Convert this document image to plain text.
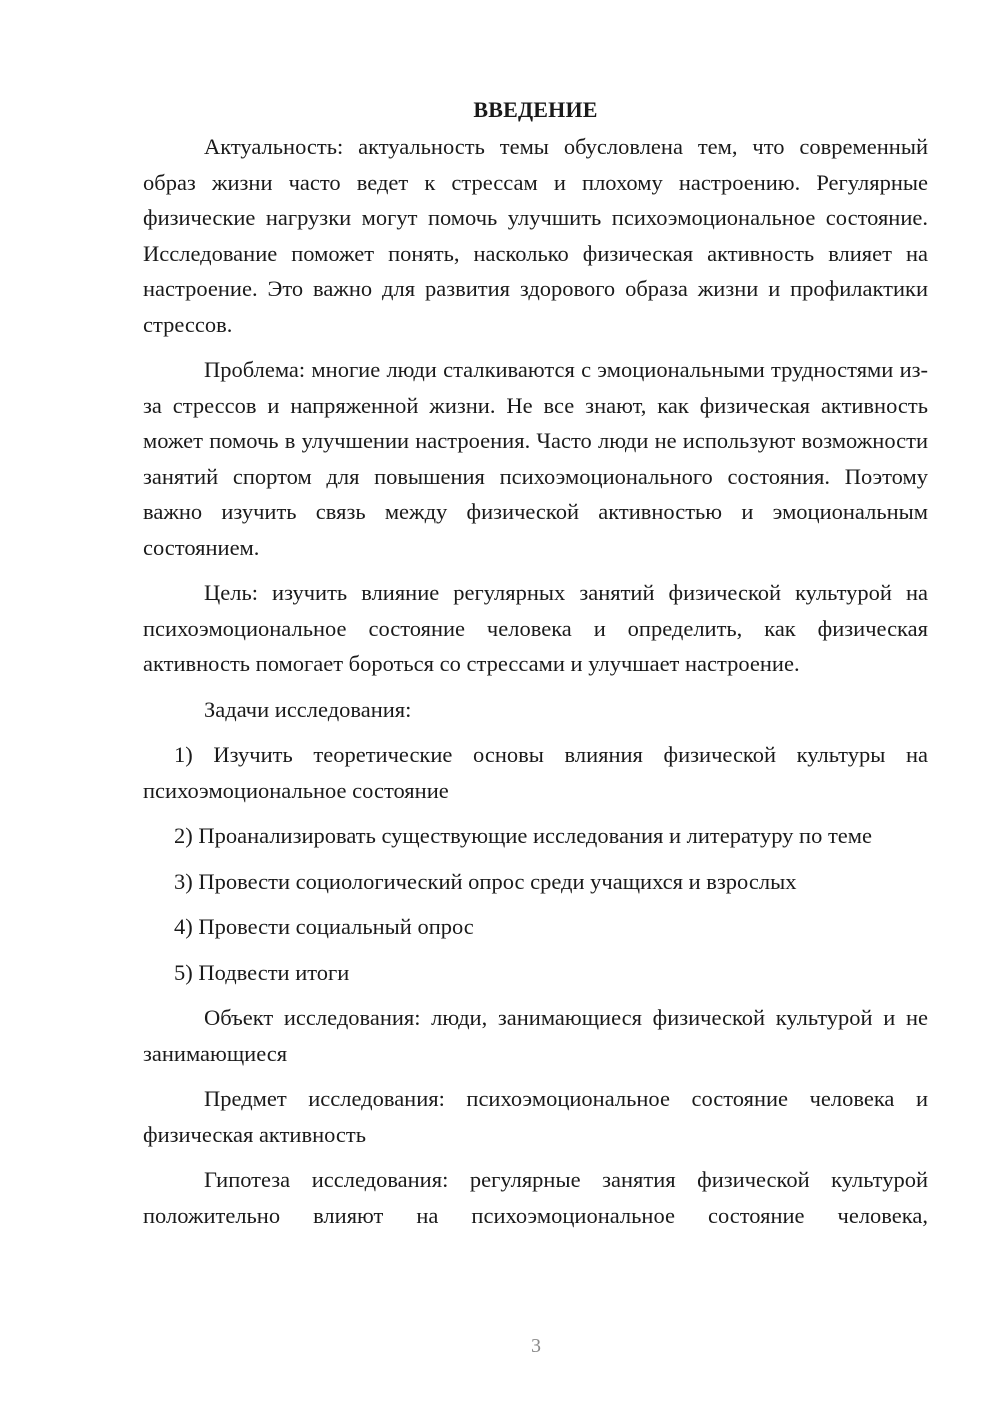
ВВЕДЕНИЕ

Актуальность: актуальность темы обусловлена тем, что современный образ жизни часто ведет к стрессам и плохому настроению. Регулярные физические нагрузки могут помочь улучшить психоэмоциональное состояние. Исследование поможет понять, насколько физическая активность влияет на настроение. Это важно для развития здорового образа жизни и профилактики стрессов.

Проблема: многие люди сталкиваются с эмоциональными трудностями из-за стрессов и напряженной жизни. Не все знают, как физическая активность может помочь в улучшении настроения. Часто люди не используют возможности занятий спортом для повышения психоэмоционального состояния. Поэтому важно изучить связь между физической активностью и эмоциональным состоянием.

Цель: изучить влияние регулярных занятий физической культурой на психоэмоциональное состояние человека и определить, как физическая активность помогает бороться со стрессами и улучшает настроение.

Задачи исследования:

1) Изучить теоретические основы влияния физической культуры на психоэмоциональное состояние

2) Проанализировать существующие исследования и литературу по теме

3) Провести социологический опрос среди учащихся и взрослых

4) Провести социальный опрос

5) Подвести итоги

Объект исследования: люди, занимающиеся физической культурой и не занимающиеся

Предмет исследования: психоэмоциональное состояние человека и физическая активность

Гипотеза исследования: регулярные занятия физической культурой положительно влияют на психоэмоциональное состояние человека,

3
